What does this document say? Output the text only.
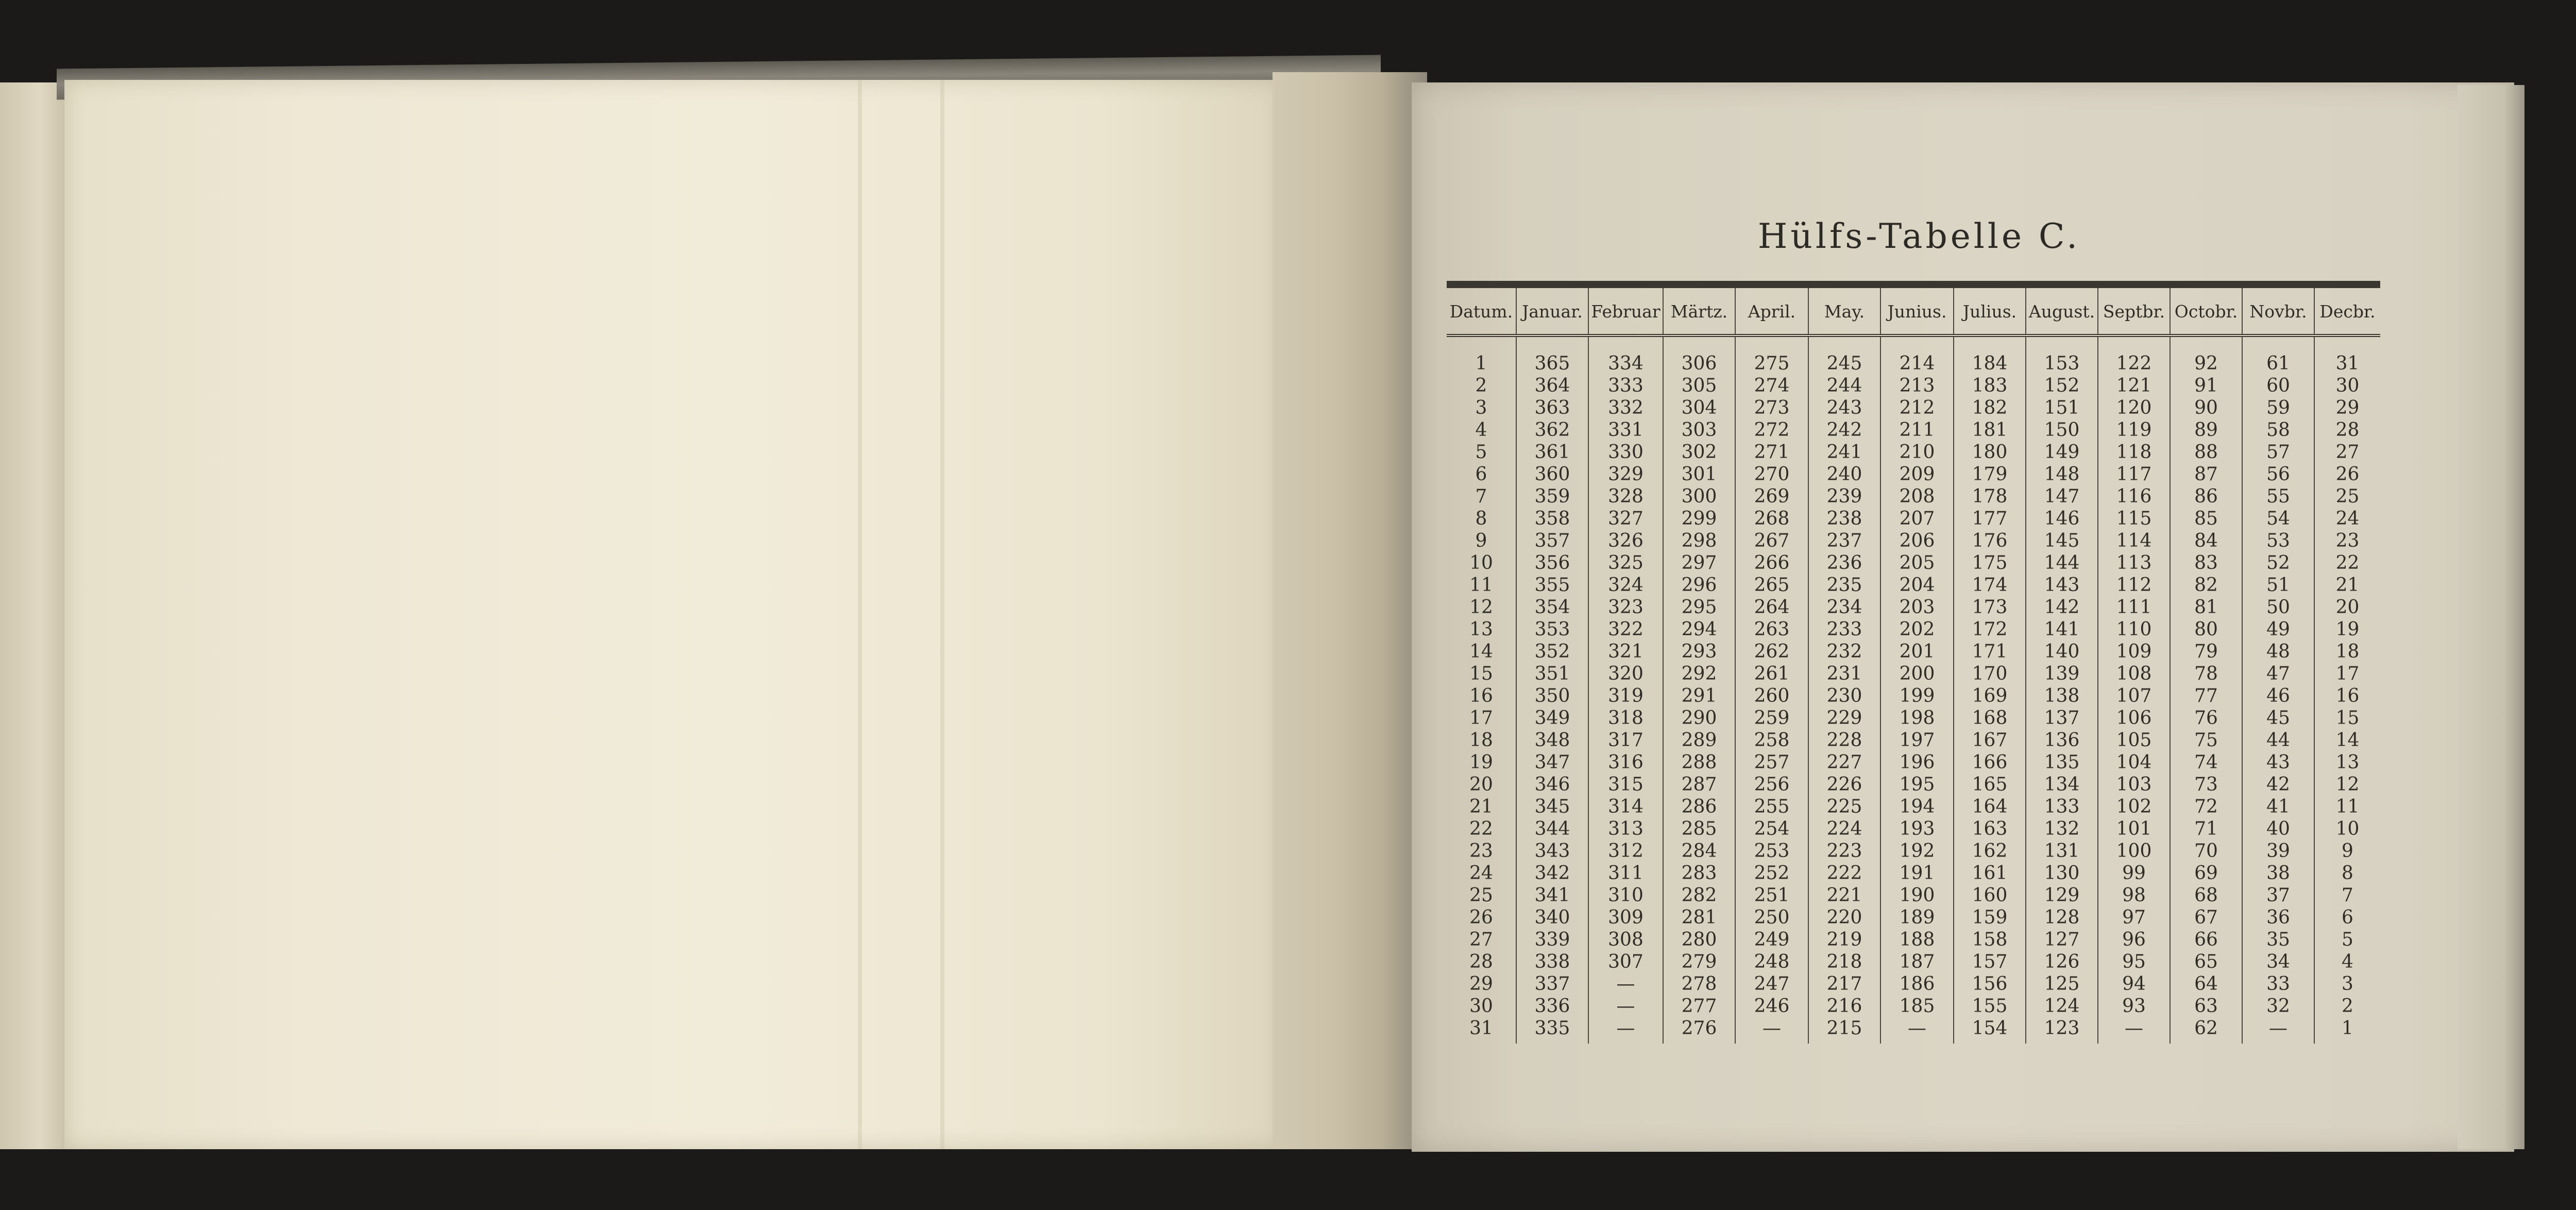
Hülfs-Tabelle C.
Datum.	Januar.	Februar	Märtz.	April.	May.	Junius.	Julius.	August.	Septbr.	Octobr.	Novbr.	Decbr.

1	365	334	306	275	245	214	184	153	122	92	61	31
2	364	333	305	274	244	213	183	152	121	91	60	30
3	363	332	304	273	243	212	182	151	120	90	59	29
4	362	331	303	272	242	211	181	150	119	89	58	28
5	361	330	302	271	241	210	180	149	118	88	57	27
6	360	329	301	270	240	209	179	148	117	87	56	26
7	359	328	300	269	239	208	178	147	116	86	55	25
8	358	327	299	268	238	207	177	146	115	85	54	24
9	357	326	298	267	237	206	176	145	114	84	53	23
10	356	325	297	266	236	205	175	144	113	83	52	22
11	355	324	296	265	235	204	174	143	112	82	51	21
12	354	323	295	264	234	203	173	142	111	81	50	20
13	353	322	294	263	233	202	172	141	110	80	49	19
14	352	321	293	262	232	201	171	140	109	79	48	18
15	351	320	292	261	231	200	170	139	108	78	47	17
16	350	319	291	260	230	199	169	138	107	77	46	16
17	349	318	290	259	229	198	168	137	106	76	45	15
18	348	317	289	258	228	197	167	136	105	75	44	14
19	347	316	288	257	227	196	166	135	104	74	43	13
20	346	315	287	256	226	195	165	134	103	73	42	12
21	345	314	286	255	225	194	164	133	102	72	41	11
22	344	313	285	254	224	193	163	132	101	71	40	10
23	343	312	284	253	223	192	162	131	100	70	39	9
24	342	311	283	252	222	191	161	130	99	69	38	8
25	341	310	282	251	221	190	160	129	98	68	37	7
26	340	309	281	250	220	189	159	128	97	67	36	6
27	339	308	280	249	219	188	158	127	96	66	35	5
28	338	307	279	248	218	187	157	126	95	65	34	4
29	337	—	278	247	217	186	156	125	94	64	33	3
30	336	—	277	246	216	185	155	124	93	63	32	2
31	335	—	276	—	215	—	154	123	—	62	—	1
